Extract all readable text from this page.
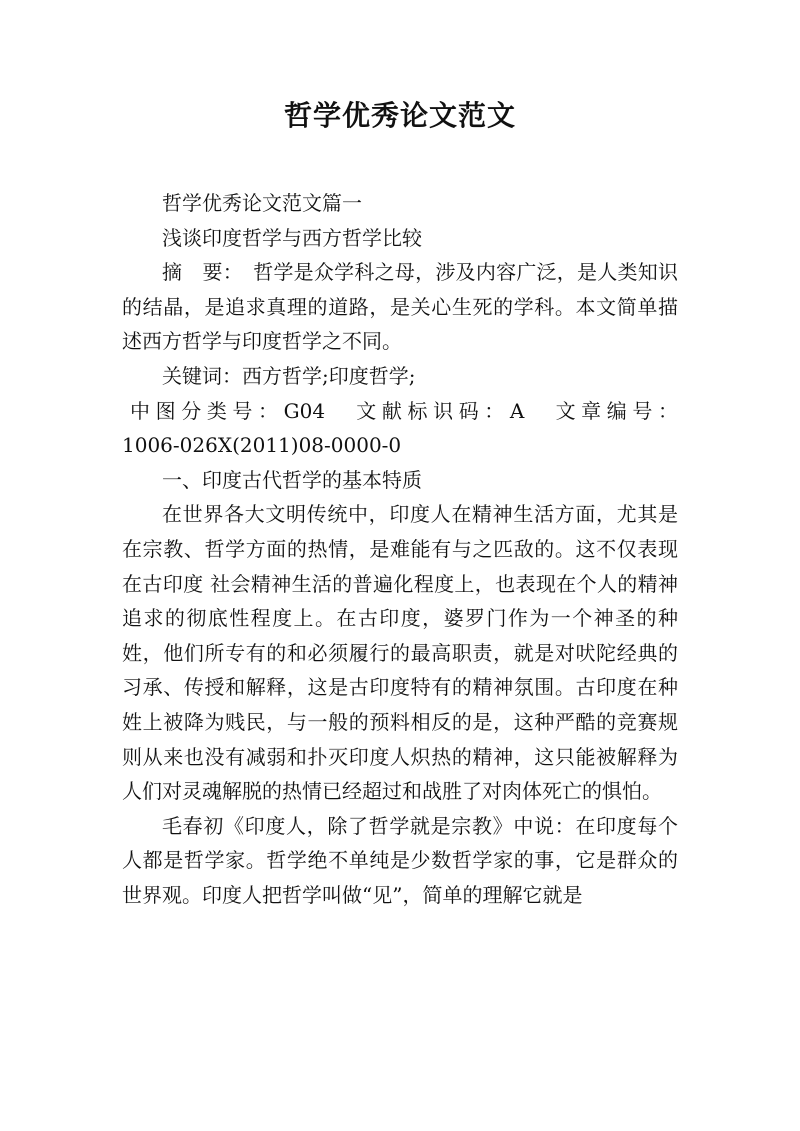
哲学优秀论文范文

哲学优秀论文范文篇一

浅谈印度哲学与西方哲学比较

摘　要：　哲学是众学科之母，涉及内容广泛，是人类知识的结晶，是追求真理的道路，是关心生死的学科。本文简单描述西方哲学与印度哲学之不同。

关键词：西方哲学;印度哲学;

中图分类号：G04　文献标识码：A　文章编号：

1006-026X(2011)08-0000-0

一、印度古代哲学的基本特质

在世界各大文明传统中，印度人在精神生活方面，尤其是在宗教、哲学方面的热情，是难能有与之匹敌的。这不仅表现在古印度 社会精神生活的普遍化程度上，也表现在个人的精神追求的彻底性程度上。在古印度，婆罗门作为一个神圣的种姓，他们所专有的和必须履行的最高职责，就是对吠陀经典的习承、传授和解释，这是古印度特有的精神氛围。古印度在种姓上被降为贱民，与一般的预料相反的是，这种严酷的竞赛规则从来也没有减弱和扑灭印度人炽热的精神，这只能被解释为人们对灵魂解脱的热情已经超过和战胜了对肉体死亡的惧怕。

毛春初《印度人，除了哲学就是宗教》中说：在印度每个人都是哲学家。哲学绝不单纯是少数哲学家的事，它是群众的世界观。印度人把哲学叫做“见”，简单的理解它就是
